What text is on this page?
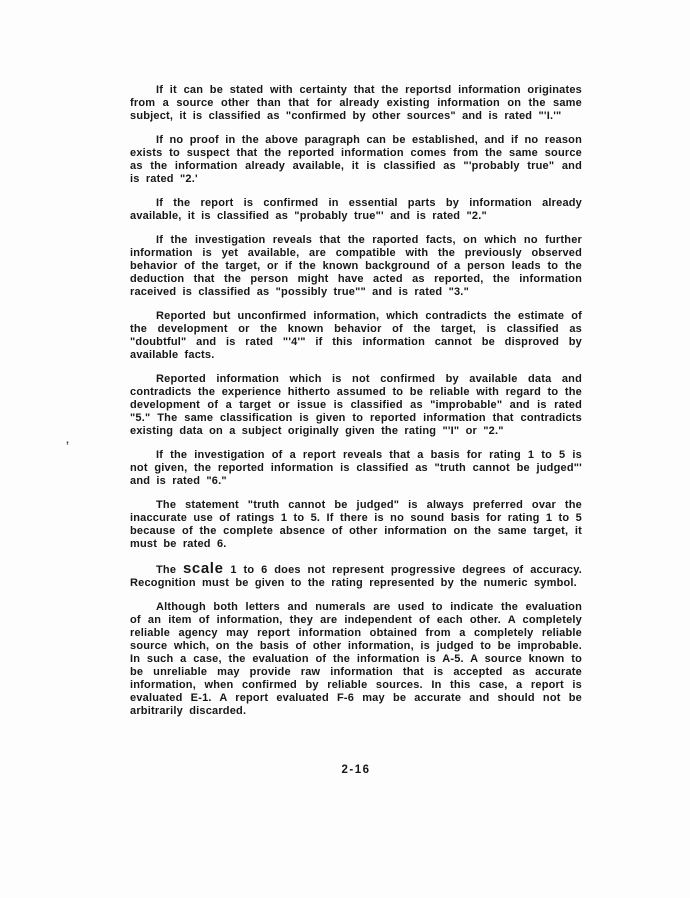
‛

If it can be stated with certainty that the reportsd information originates from a source other than that for already existing information on the same subject, it is classified as "confirmed by other sources" and is rated "'I.'"

If no proof in the above paragraph can be established, and if no reason exists to suspect that the reported information comes from the same source as the information already available, it is classified as "'probably true" and is rated "2.'

If the report is confirmed in essential parts by information already available, it is classified as "probably true"' and is rated "2."

If the investigation reveals that the raported facts, on which no further information is yet available, are compatible with the previously observed behavior of the target, or if the known background of a person leads to the deduction that the person might have acted as reported, the information raceived is classified as "possibly true"" and is rated "3."

Reported but unconfirmed information, which contradicts the estimate of the development or the known behavior of the target, is classified as "doubtful" and is rated "'4'" if this information cannot be disproved by available facts.

Reported information which is not confirmed by available data and contradicts the experience hitherto assumed to be reliable with regard to the development of a target or issue is classified as "improbable" and is rated "5." The same classification is given to reported information that contradicts existing data on a subject originally given the rating "'I" or "2."

If the investigation of a report reveals that a basis for rating 1 to 5 is not given, the reported information is classified as "truth cannot be judged"' and is rated "6."

The statement "truth cannot be judged" is always preferred ovar the inaccurate use of ratings 1 to 5. If there is no sound basis for rating 1 to 5 because of the complete absence of other information on the same target, it must be rated 6.

The scale 1 to 6 does not represent progressive degrees of accuracy. Recognition must be given to the rating represented by the numeric symbol.

Although both letters and numerals are used to indicate the evaluation of an item of information, they are independent of each other. A completely reliable agency may report information obtained from a completely reliable source which, on the basis of other information, is judged to be improbable. In such a case, the evaluation of the information is A-5. A source known to be unreliable may provide raw information that is accepted as accurate information, when confirmed by reliable sources. In this case, a report is evaluated E-1. A report evaluated F-6 may be accurate and should not be arbitrarily discarded.

2-16
